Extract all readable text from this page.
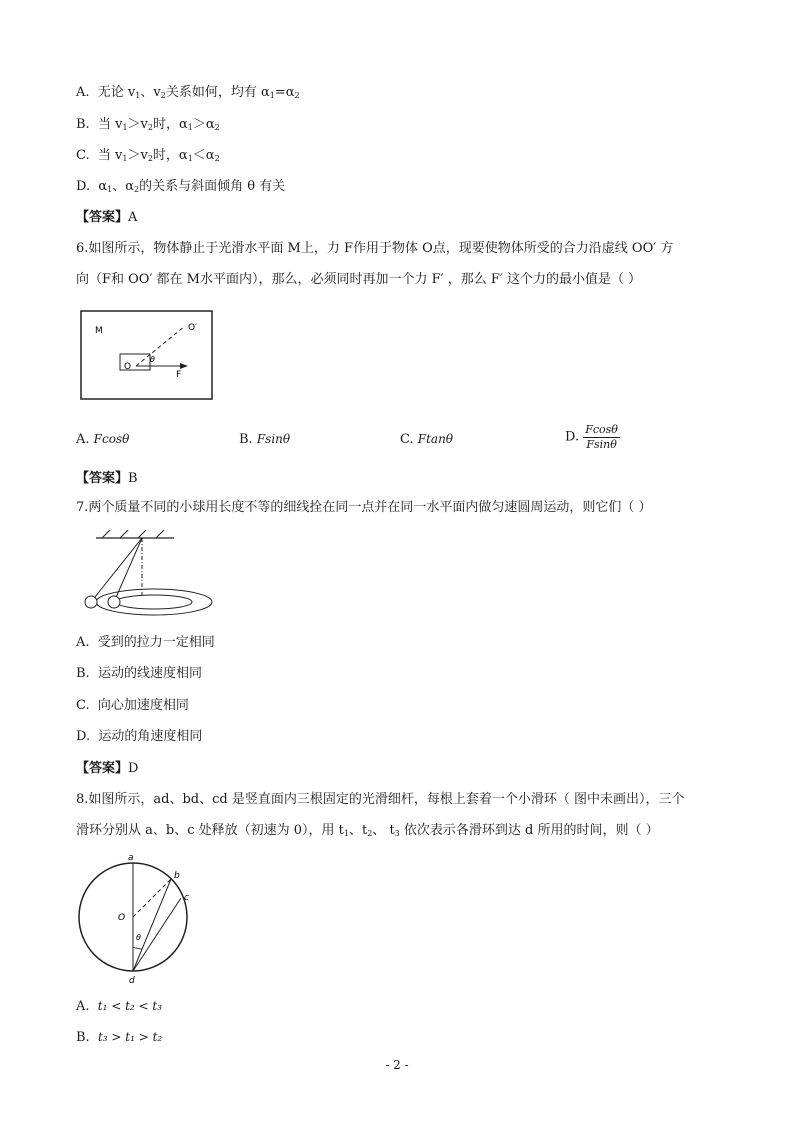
A. 无论 $v_1$、$v_2$关系如何，均有 $\alpha_1=\alpha_2$
B. 当 $v_1>v_2$时，$\alpha_1>\alpha_2$
C. 当 $v_1>v_2$时，$\alpha_1<\alpha_2$
D. $\alpha_1$、$\alpha_2$的关系与斜面倾角 θ 有关
【答案】A
6.如图所示，物体静止于光滑水平面 M上，力 F作用于物体 O点，现要使物体所受的合力沿虚线 OO′ 方
向（F和 OO′ 都在 M水平面内），那么，必须同时再加一个力 F′ ，那么 F′ 这个力的最小值是（ ）
M
O
O′
θ
F
A. Fcosθ	B. Fsinθ	C. Ftanθ	D. $\frac{Fcos\theta}{Fsin\theta}$
【答案】B
7.两个质量不同的小球用长度不等的细线拴在同一点并在同一水平面内做匀速圆周运动，则它们（ ）
A. 受到的拉力一定相同
B. 运动的线速度相同
C. 向心加速度相同
D. 运动的角速度相同
【答案】D
8.如图所示，ad、bd、cd 是竖直面内三根固定的光滑细杆，每根上套着一个小滑环（ 图中未画出），三个
滑环分别从 a、b、c 处释放（初速为 0），用 $t_1$、$t_2$、 $t_3$ 依次表示各滑环到达 d 所用的时间，则（ ）
a
b
c
d
O
θ
A. t₁ < t₂ < t₃
B. t₃ > t₁ > t₂
- 2 -
